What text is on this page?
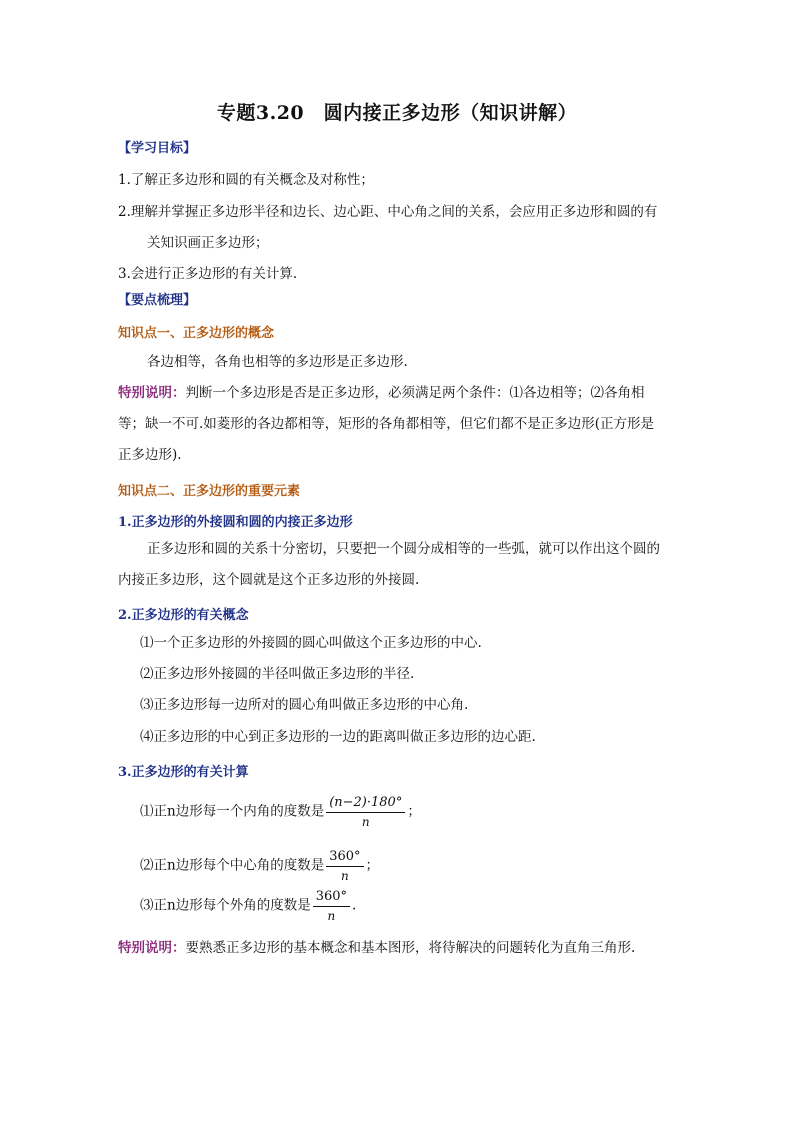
专题3.20　圆内接正多边形（知识讲解）
【学习目标】
1.了解正多边形和圆的有关概念及对称性；
2.理解并掌握正多边形半径和边长、边心距、中心角之间的关系，会应用正多边形和圆的有
关知识画正多边形；
3.会进行正多边形的有关计算.
【要点梳理】
知识点一、正多边形的概念
各边相等，各角也相等的多边形是正多边形.
特别说明：判断一个多边形是否是正多边形，必须满足两个条件：⑴各边相等；⑵各角相
等；缺一不可.如菱形的各边都相等，矩形的各角都相等，但它们都不是正多边形(正方形是
正多边形).
知识点二、正多边形的重要元素
1.正多边形的外接圆和圆的内接正多边形
正多边形和圆的关系十分密切，只要把一个圆分成相等的一些弧，就可以作出这个圆的
内接正多边形，这个圆就是这个正多边形的外接圆.
2.正多边形的有关概念
⑴一个正多边形的外接圆的圆心叫做这个正多边形的中心.
⑵正多边形外接圆的半径叫做正多边形的半径.
⑶正多边形每一边所对的圆心角叫做正多边形的中心角.
⑷正多边形的中心到正多边形的一边的距离叫做正多边形的边心距.
3.正多边形的有关计算
⑴正n边形每一个内角的度数是 $\frac{(n-2)\cdot 180^\circ}{n}$ ；
⑵正n边形每个中心角的度数是 $\frac{360^\circ}{n}$ ；
⑶正n边形每个外角的度数是 $\frac{360^\circ}{n}$ .
特别说明：要熟悉正多边形的基本概念和基本图形，将待解决的问题转化为直角三角形.
